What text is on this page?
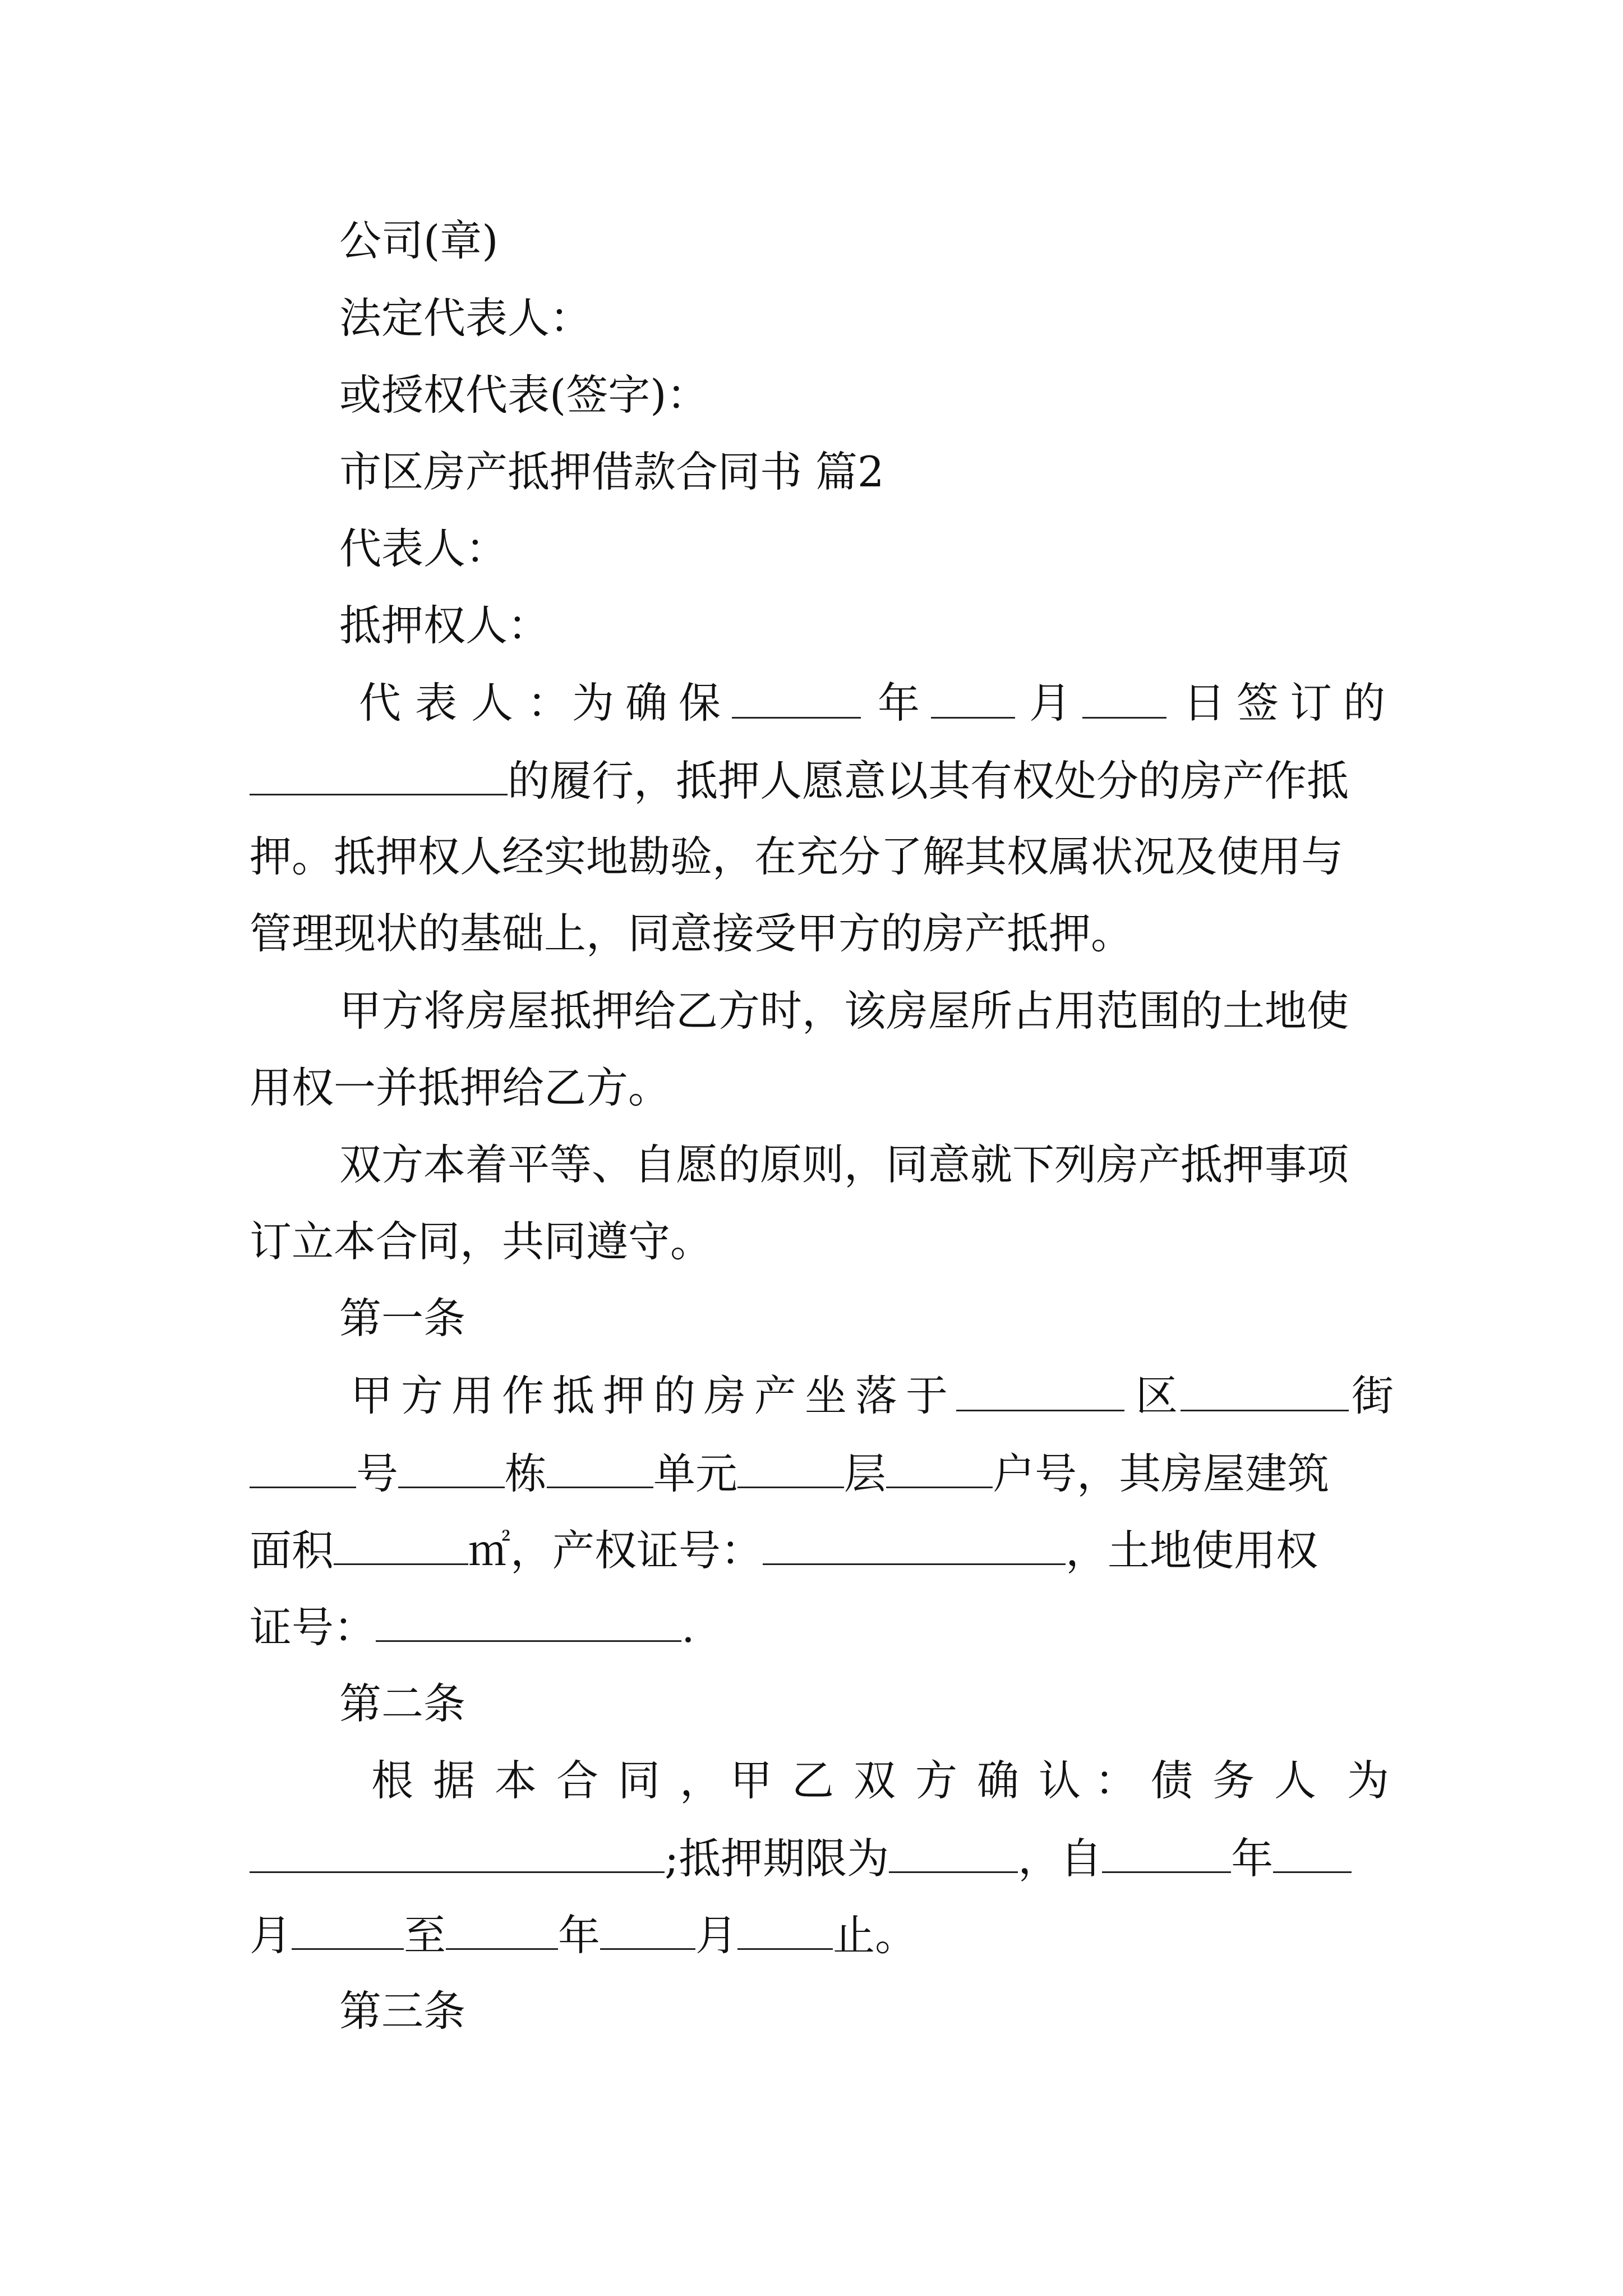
公司(章)

法定代表人：

或授权代表(签字)：

市区房产抵押借款合同书 篇2

代表人：

抵押权人：

代 表 人 ： 为 确 保	年	月	日 签 订 的
的履行，抵押人愿意以其有权处分的房产作抵

押。抵押权人经实地勘验，在充分了解其权属状况及使用与

管理现状的基础上，同意接受甲方的房产抵押。

甲方将房屋抵押给乙方时，该房屋所占用范围的土地使

用权一并抵押给乙方。

双方本着平等、自愿的原则，同意就下列房产抵押事项

订立本合同，共同遵守。

第一条

甲 方 用 作 抵 押 的 房 产 坐 落 于	区	街
号	栋	单元	层	户号，其房屋建筑
面积	㎡，产权证号：	，土地使用权
证号：	.

第二条

根 据 本 合 同 ， 甲 乙 双 方 确 认 ： 债 务 人 为
;抵押期限为	，自	年
月	至	年 月 止。

第三条
